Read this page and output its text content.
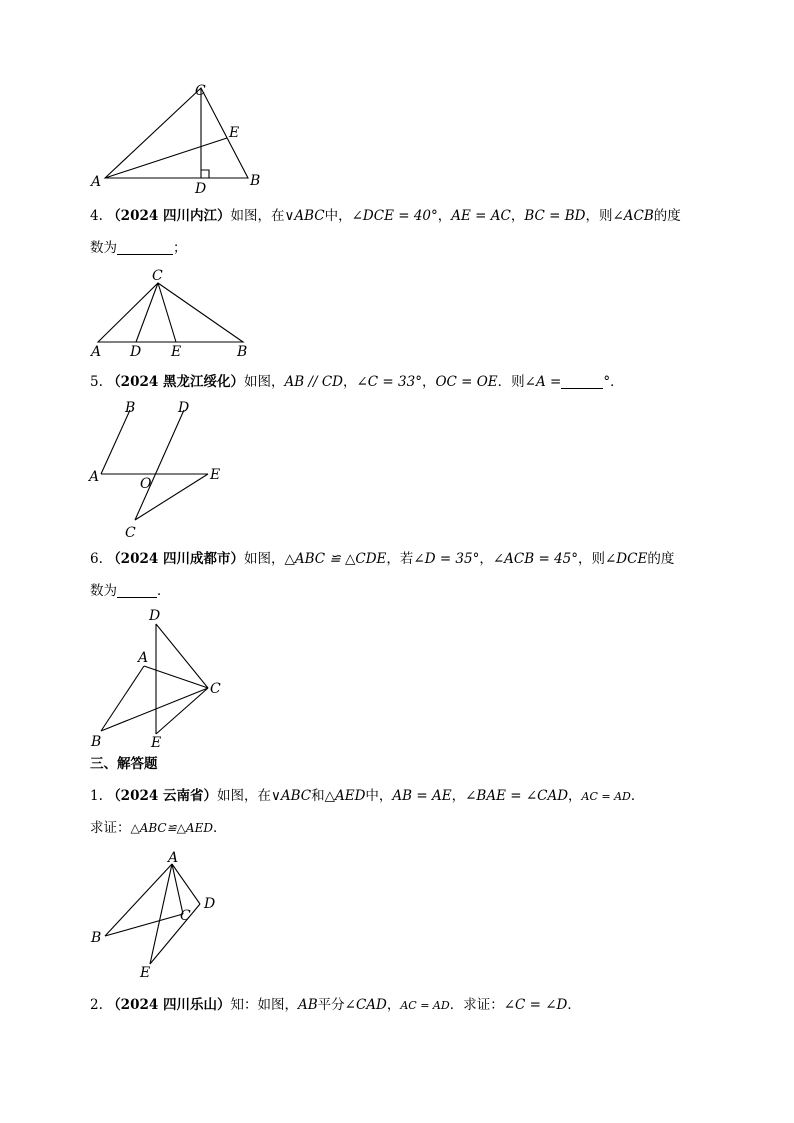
A
C
E
D	B
4. （2024 四川内江）如图，在∨ABC中，∠DCE = 40°，AE = AC，BC = BD，则∠ACB的度
数为	；
C
A D E	B
5. （2024 黑龙江绥化）如图，AB // CD，∠C = 33°，OC = OE．则∠A =	°．
B	D
A	O
E
C
6. （2024 四川成都市）如图，△ABC ≌ △CDE，若∠D = 35°，∠ACB = 45°，则∠DCE的度
数为	．
D
A
C
B	E
三、解答题
1. （2024 云南省）如图，在∨ABC和△AED中，AB = AE，∠BAE = ∠CAD，AC = AD．
求证：△ABC≌△AED．
A
D
C
B
E
2. （2024 四川乐山）知：如图，AB平分∠CAD，AC = AD．求证：∠C = ∠D．
